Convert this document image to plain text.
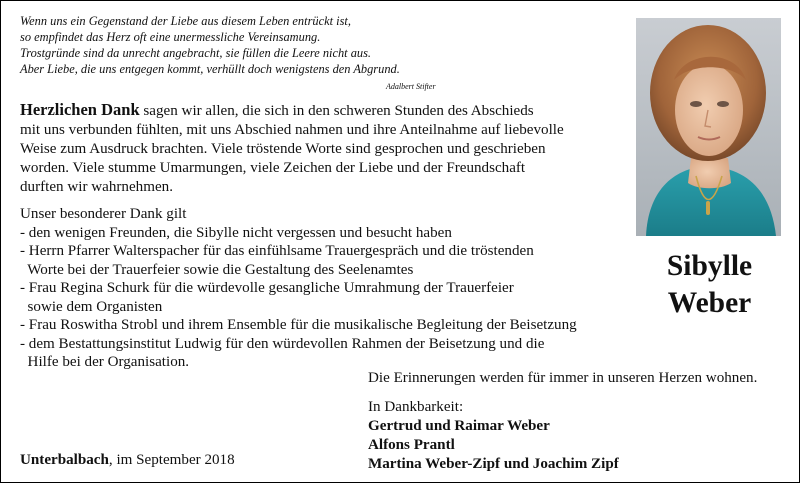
Wenn uns ein Gegenstand der Liebe aus diesem Leben entrückt ist,
so empfindet das Herz oft eine unermessliche Vereinsamung.
Trostgründe sind da unrecht angebracht, sie füllen die Leere nicht aus.
Aber Liebe, die uns entgegen kommt, verhüllt doch wenigstens den Abgrund.
Adalbert Stifter
Herzlichen Dank sagen wir allen, die sich in den schweren Stunden des Abschieds
mit uns verbunden fühlten, mit uns Abschied nahmen und ihre Anteilnahme auf liebevolle
Weise zum Ausdruck brachten. Viele tröstende Worte sind gesprochen und geschrieben
worden. Viele stumme Umarmungen, viele Zeichen der Liebe und der Freundschaft
durften wir wahrnehmen.
Unser besonderer Dank gilt
- den wenigen Freunden, die Sibylle nicht vergessen und besucht haben
- Herrn Pfarrer Walterspacher für das einfühlsame Trauergespräch und die tröstenden
Worte bei der Trauerfeier sowie die Gestaltung des Seelenamtes
- Frau Regina Schurk für die würdevolle gesangliche Umrahmung der Trauerfeier
sowie dem Organisten
- Frau Roswitha Strobl und ihrem Ensemble für die musikalische Begleitung der Beisetzung
- dem Bestattungsinstitut Ludwig für den würdevollen Rahmen der Beisetzung und die
Hilfe bei der Organisation.
Sibylle
Weber
Die Erinnerungen werden für immer in unseren Herzen wohnen.
In Dankbarkeit:
Gertrud und Raimar Weber
Alfons Prantl
Martina Weber-Zipf und Joachim Zipf
Unterbalbach, im September 2018
